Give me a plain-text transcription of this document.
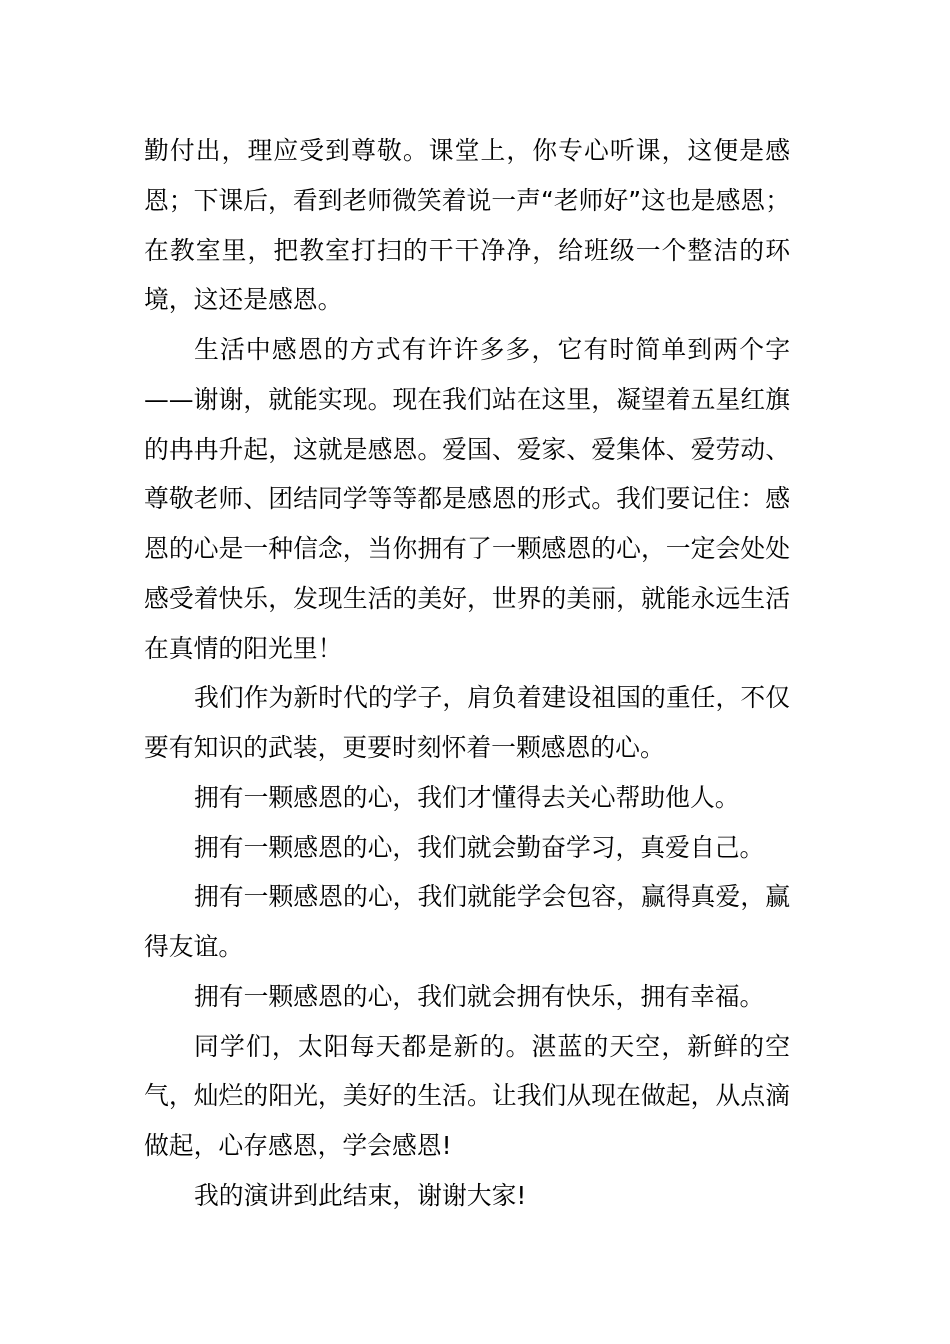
勤付出，理应受到尊敬。课堂上，你专心听课，这便是感恩；下课后，看到老师微笑着说一声“老师好”这也是感恩；在教室里，把教室打扫的干干净净，给班级一个整洁的环境，这还是感恩。

生活中感恩的方式有许许多多，它有时简单到两个字——谢谢，就能实现。现在我们站在这里，凝望着五星红旗的冉冉升起，这就是感恩。爱国、爱家、爱集体、爱劳动、尊敬老师、团结同学等等都是感恩的形式。我们要记住：感恩的心是一种信念，当你拥有了一颗感恩的心，一定会处处感受着快乐，发现生活的美好，世界的美丽，就能永远生活在真情的阳光里！

我们作为新时代的学子，肩负着建设祖国的重任，不仅要有知识的武装，更要时刻怀着一颗感恩的心。

拥有一颗感恩的心，我们才懂得去关心帮助他人。

拥有一颗感恩的心，我们就会勤奋学习，真爱自己。

拥有一颗感恩的心，我们就能学会包容，赢得真爱，赢得友谊。

拥有一颗感恩的心，我们就会拥有快乐，拥有幸福。

同学们，太阳每天都是新的。湛蓝的天空，新鲜的空气，灿烂的阳光，美好的生活。让我们从现在做起，从点滴做起，心存感恩，学会感恩!

我的演讲到此结束，谢谢大家!
